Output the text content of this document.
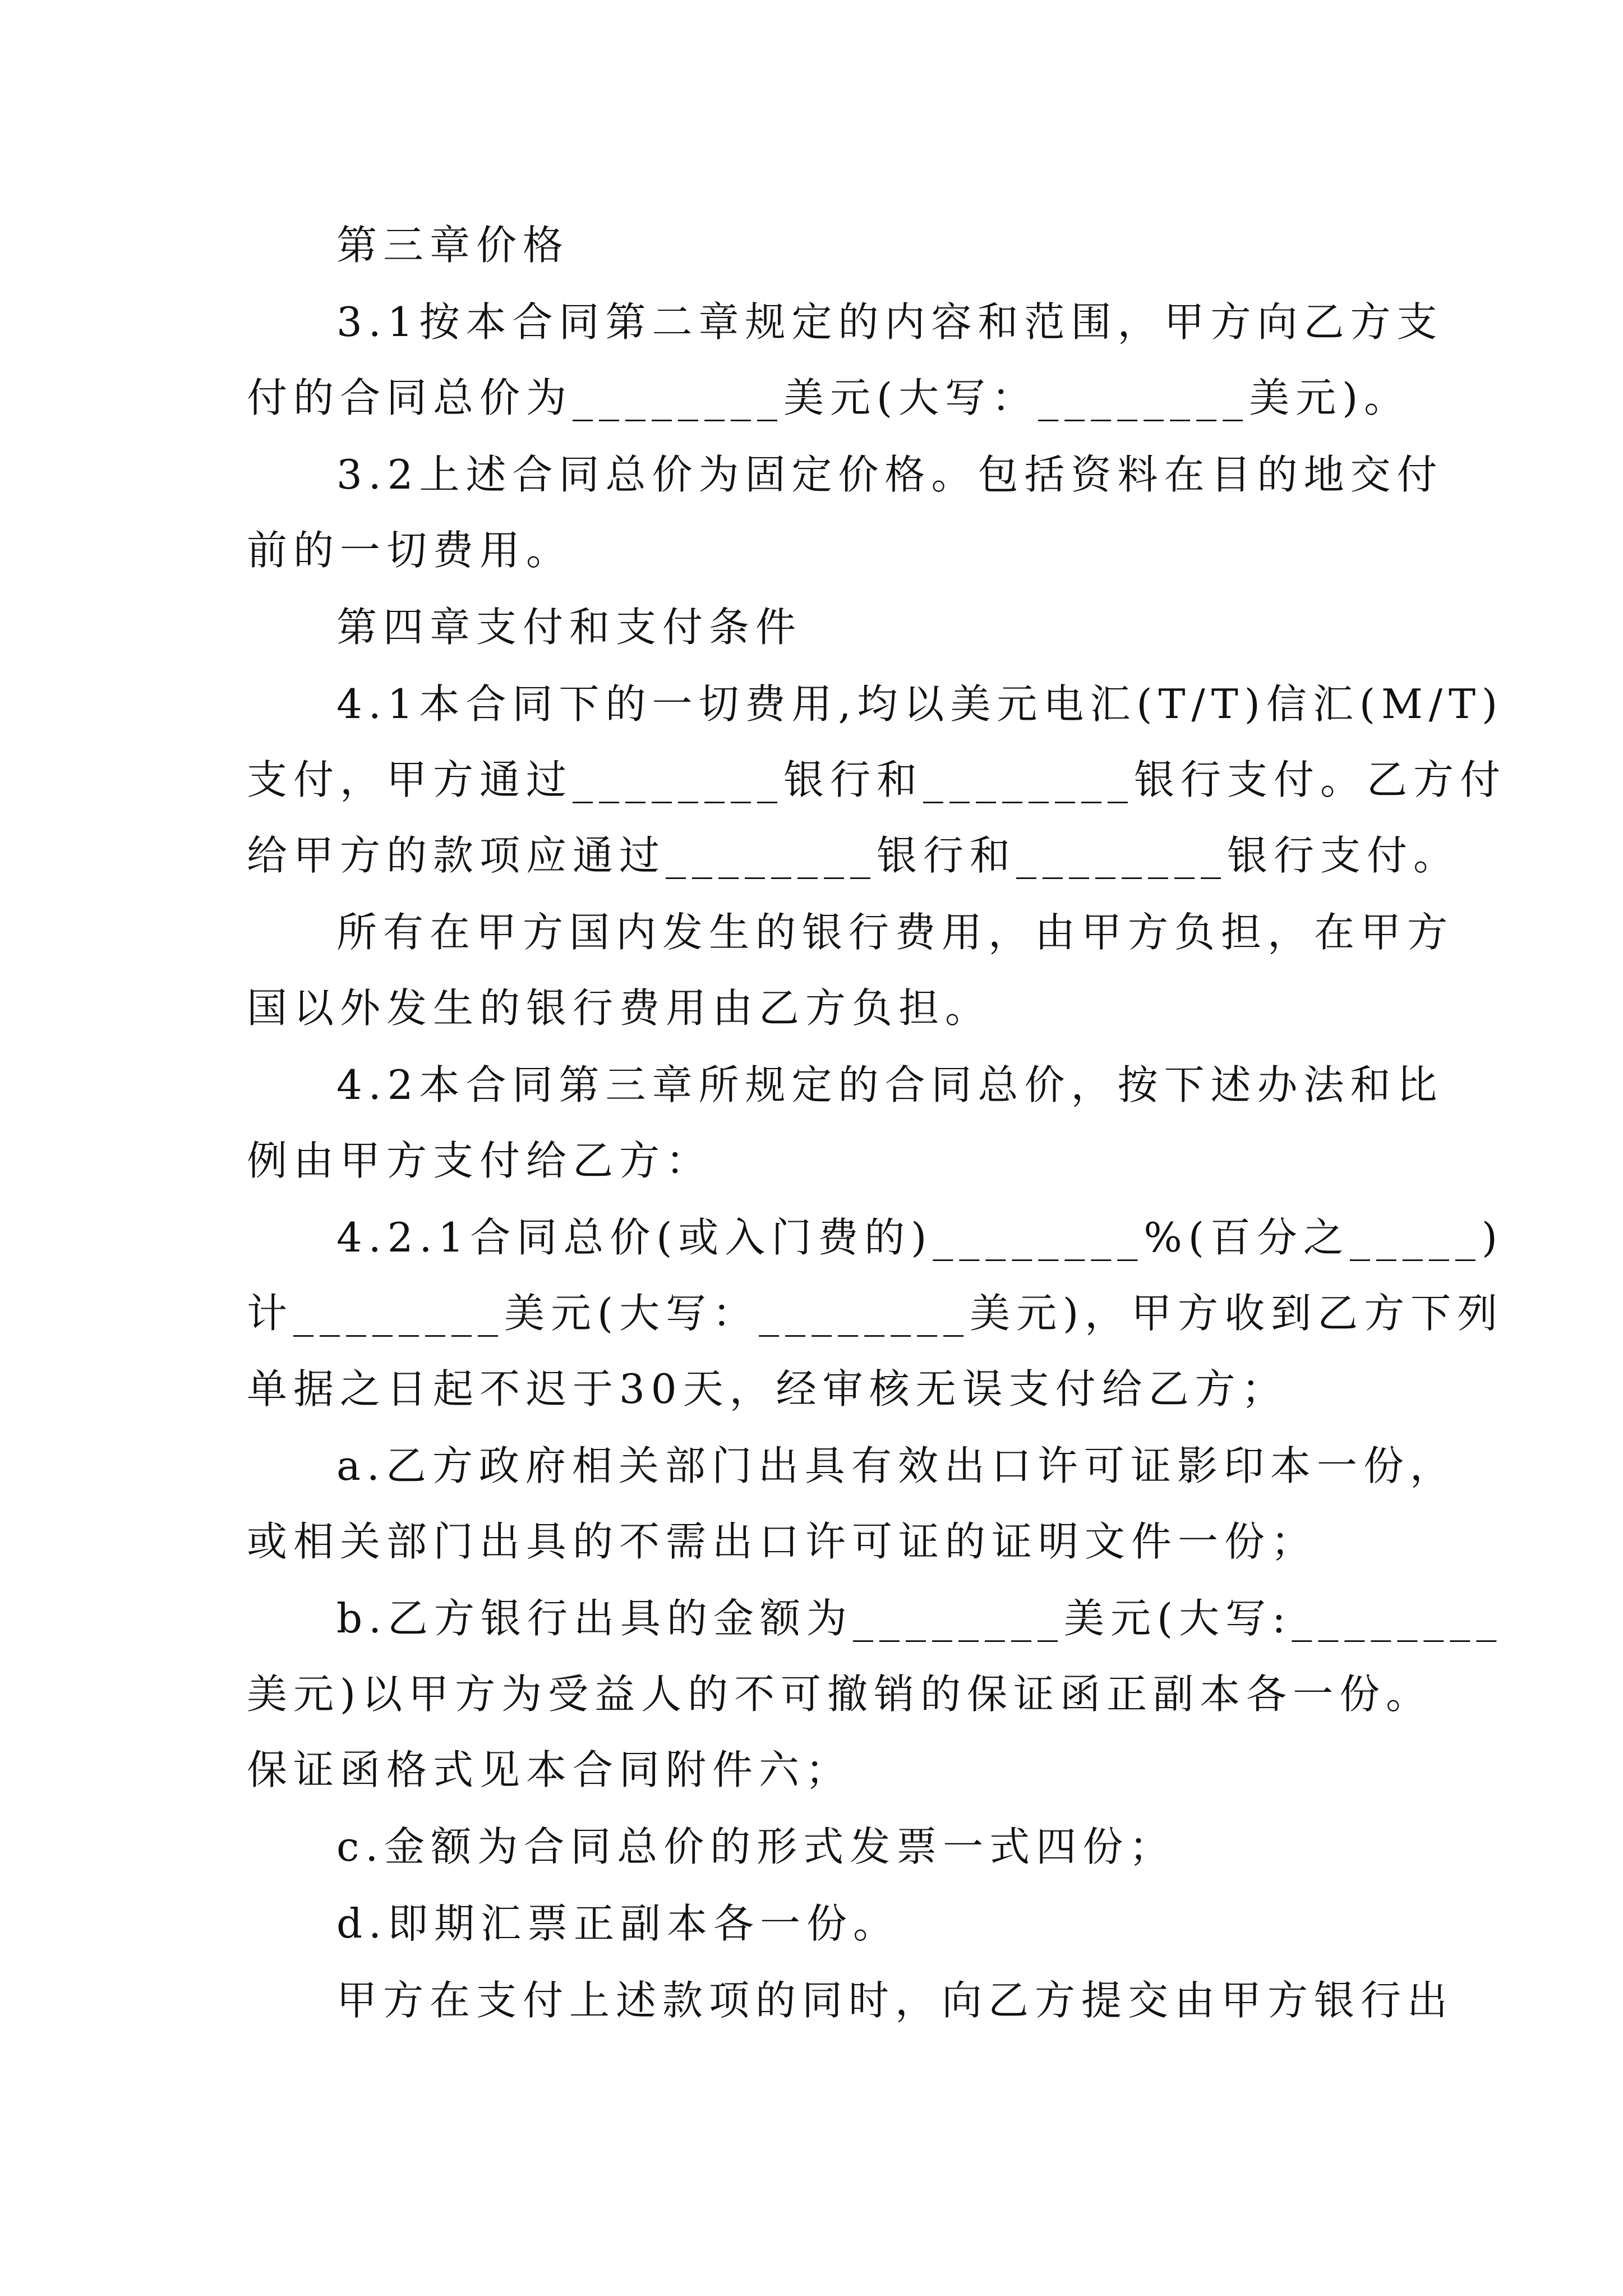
第三章价格
3.1按本合同第二章规定的内容和范围，甲方向乙方支
付的合同总价为________美元(大写：________美元)。
3.2上述合同总价为固定价格。包括资料在目的地交付
前的一切费用。
第四章支付和支付条件
4.1本合同下的一切费用,均以美元电汇(T/T)信汇(M/T)
支付，甲方通过________银行和________银行支付。乙方付
给甲方的款项应通过________银行和________银行支付。
所有在甲方国内发生的银行费用，由甲方负担，在甲方
国以外发生的银行费用由乙方负担。
4.2本合同第三章所规定的合同总价，按下述办法和比
例由甲方支付给乙方：
4.2.1合同总价(或入门费的)________%(百分之_____)
计________美元(大写：________美元)，甲方收到乙方下列
单据之日起不迟于30天，经审核无误支付给乙方；
a.乙方政府相关部门出具有效出口许可证影印本一份，
或相关部门出具的不需出口许可证的证明文件一份；
b.乙方银行出具的金额为________美元(大写:________
美元)以甲方为受益人的不可撤销的保证函正副本各一份。
保证函格式见本合同附件六；
c.金额为合同总价的形式发票一式四份；
d.即期汇票正副本各一份。
甲方在支付上述款项的同时，向乙方提交由甲方银行出
